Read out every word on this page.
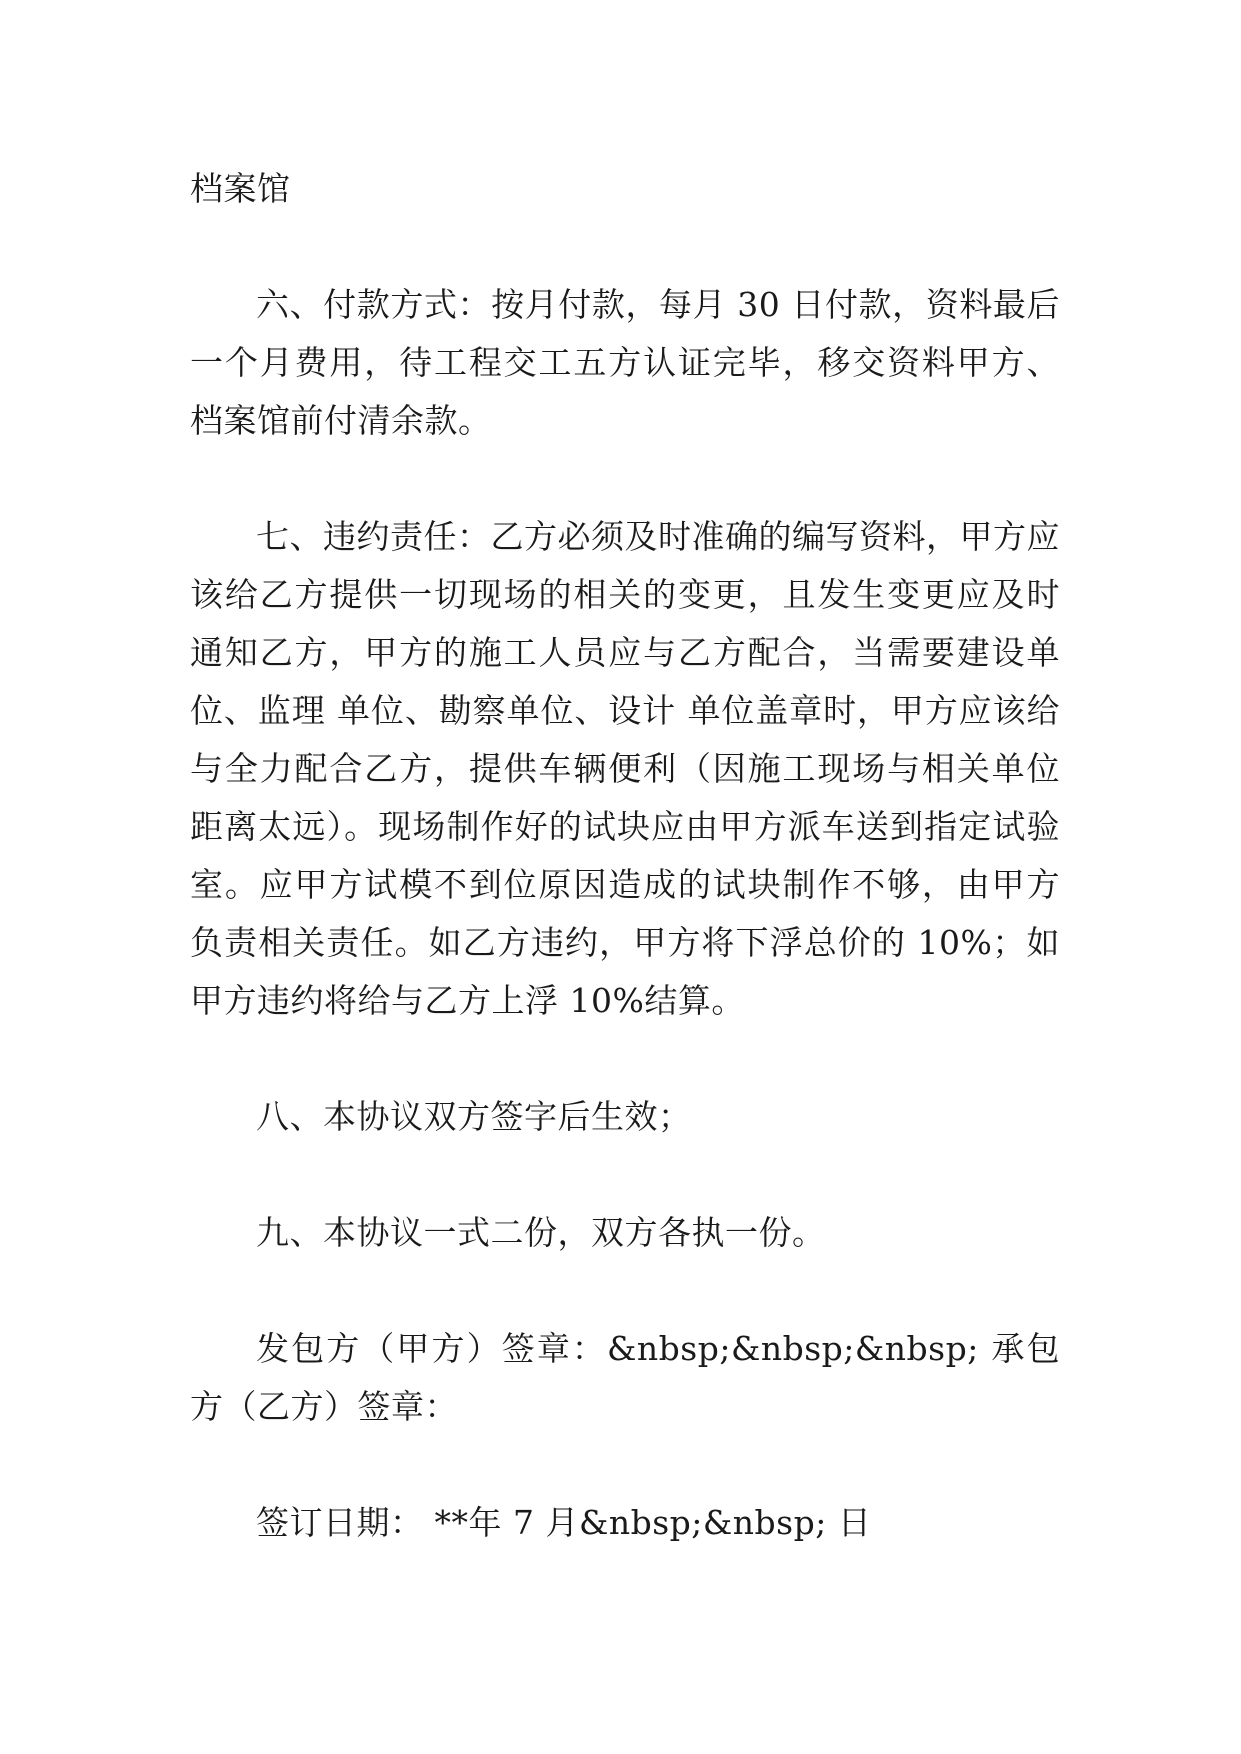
档案馆

六、付款方式：按月付款，每月 30 日付款，资料最后一个月费用，待工程交工五方认证完毕，移交资料甲方、档案馆前付清余款。

七、违约责任：乙方必须及时准确的编写资料，甲方应该给乙方提供一切现场的相关的变更，且发生变更应及时通知乙方，甲方的施工人员应与乙方配合，当需要建设单位、监理 单位、勘察单位、设计 单位盖章时，甲方应该给与全力配合乙方，提供车辆便利（因施工现场与相关单位距离太远）。现场制作好的试块应由甲方派车送到指定试验室。应甲方试模不到位原因造成的试块制作不够，由甲方负责相关责任。如乙方违约，甲方将下浮总价的 10%；如甲方违约将给与乙方上浮 10%结算。

八、本协议双方签字后生效；

九、本协议一式二份，双方各执一份。

发包方（甲方）签章：&nbsp;&nbsp;&nbsp; 承包方（乙方）签章：

签订日期： **年 7 月&nbsp;&nbsp; 日
